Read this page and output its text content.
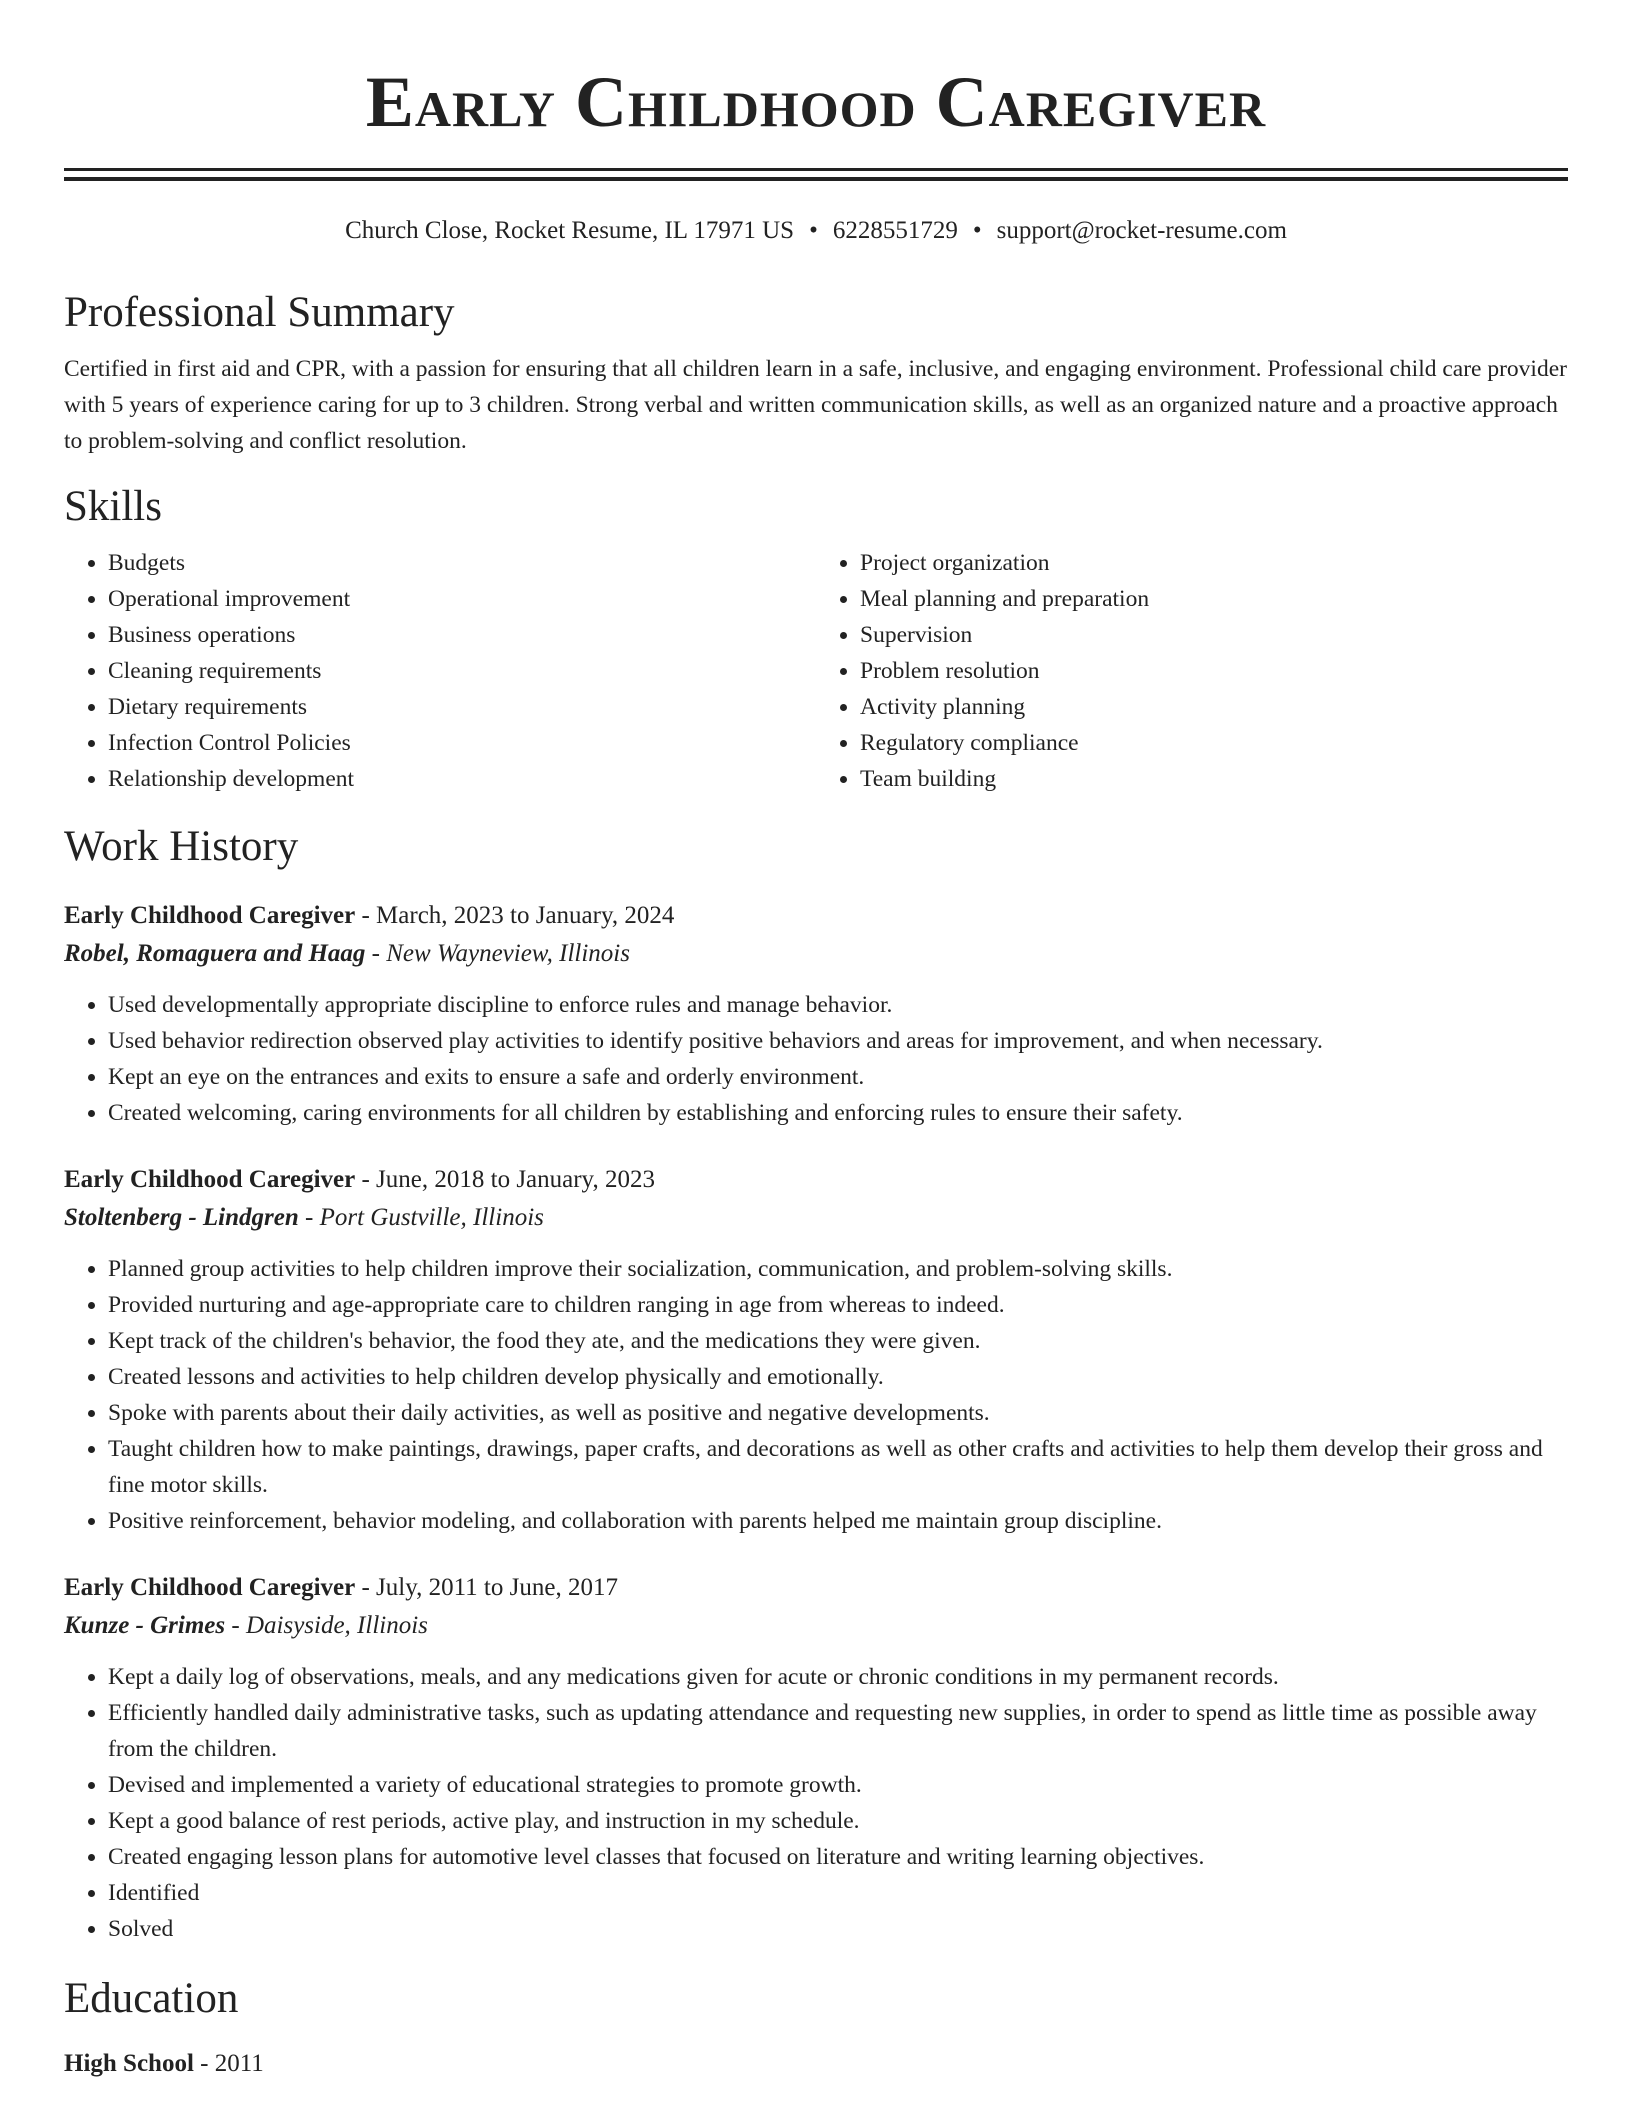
Early Childhood Caregiver
Church Close, Rocket Resume, IL 17971 US • 6228551729 • support@rocket-resume.com
Professional Summary

Certified in first aid and CPR, with a passion for ensuring that all children learn in a safe, inclusive, and engaging environment. Professional child care provider with 5 years of experience caring for up to 3 children. Strong verbal and written communication skills, as well as an organized nature and a proactive approach to problem-solving and conflict resolution.

Skills
• Budgets
• Operational improvement
• Business operations
• Cleaning requirements
• Dietary requirements
• Infection Control Policies
• Relationship development
• Project organization
• Meal planning and preparation
• Supervision
• Problem resolution
• Activity planning
• Regulatory compliance
• Team building
Work History
Early Childhood Caregiver - March, 2023 to January, 2024
Robel, Romaguera and Haag - New Wayneview, Illinois
• Used developmentally appropriate discipline to enforce rules and manage behavior.
• Used behavior redirection observed play activities to identify positive behaviors and areas for improvement, and when necessary.
• Kept an eye on the entrances and exits to ensure a safe and orderly environment.
• Created welcoming, caring environments for all children by establishing and enforcing rules to ensure their safety.
Early Childhood Caregiver - June, 2018 to January, 2023
Stoltenberg - Lindgren - Port Gustville, Illinois
• Planned group activities to help children improve their socialization, communication, and problem-solving skills.
• Provided nurturing and age-appropriate care to children ranging in age from whereas to indeed.
• Kept track of the children's behavior, the food they ate, and the medications they were given.
• Created lessons and activities to help children develop physically and emotionally.
• Spoke with parents about their daily activities, as well as positive and negative developments.
• Taught children how to make paintings, drawings, paper crafts, and decorations as well as other crafts and activities to help them develop their gross and fine motor skills.
• Positive reinforcement, behavior modeling, and collaboration with parents helped me maintain group discipline.
Early Childhood Caregiver - July, 2011 to June, 2017
Kunze - Grimes - Daisyside, Illinois
• Kept a daily log of observations, meals, and any medications given for acute or chronic conditions in my permanent records.
• Efficiently handled daily administrative tasks, such as updating attendance and requesting new supplies, in order to spend as little time as possible away from the children.
• Devised and implemented a variety of educational strategies to promote growth.
• Kept a good balance of rest periods, active play, and instruction in my schedule.
• Created engaging lesson plans for automotive level classes that focused on literature and writing learning objectives.
• Identified
• Solved
Education
High School - 2011
